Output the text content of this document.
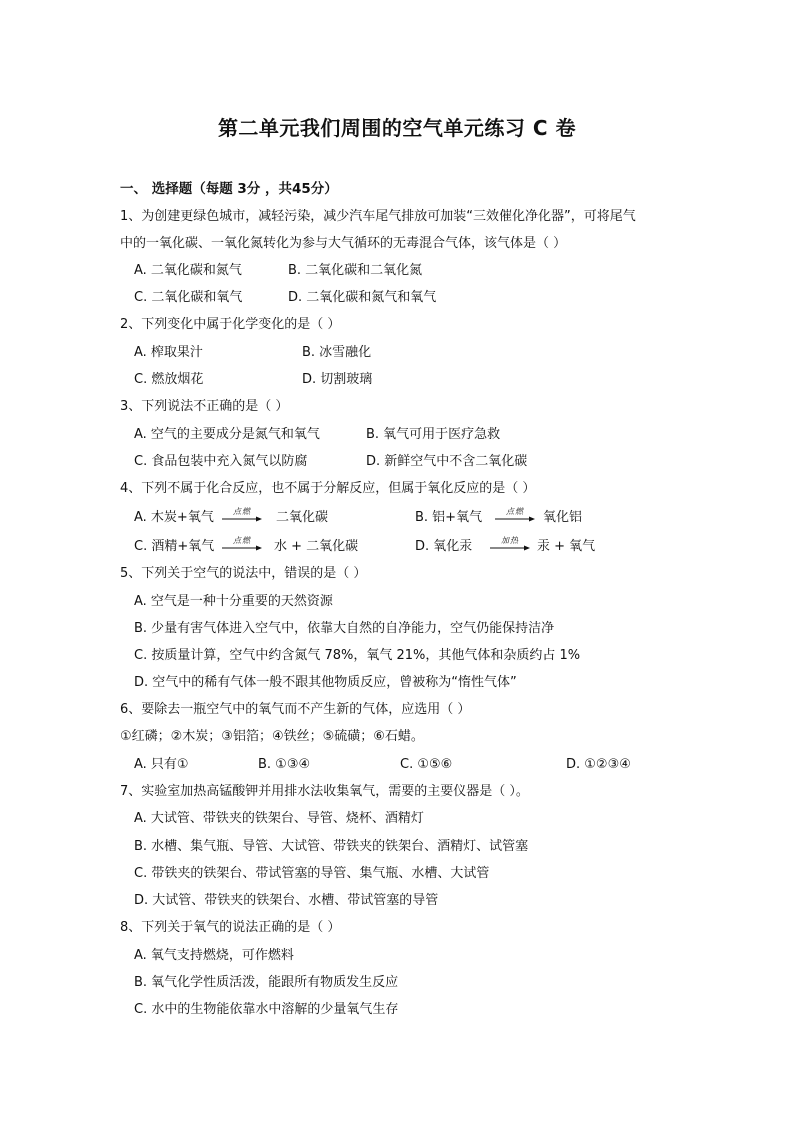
第二单元我们周围的空气单元练习 C 卷
一、 选择题（每题 3分 ，共45分）
1、为创建更绿色城市，减轻污染，减少汽车尾气排放可加装“三效催化净化器”，可将尾气
中的一氧化碳、一氧化氮转化为参与大气循环的无毒混合气体，该气体是（ ）
A. 二氧化碳和氮气	B. 二氧化碳和二氧化氮
C. 二氧化碳和氧气	D. 二氧化碳和氮气和氧气
2、下列变化中属于化学变化的是（ ）
A. 榨取果汁	B. 冰雪融化
C. 燃放烟花	D. 切割玻璃
3、下列说法不正确的是（ ）
A. 空气的主要成分是氮气和氧气	B. 氧气可用于医疗急救
C. 食品包装中充入氮气以防腐	D. 新鲜空气中不含二氧化碳
4、下列不属于化合反应，也不属于分解反应，但属于氧化反应的是（ ）
A. 木炭+氧气	点燃	二氧化碳	B. 铝+氧气	点燃	氧化铝
C. 酒精+氧气	点燃	水 + 二氧化碳	D. 氧化汞	加热	汞 + 氧气
5、下列关于空气的说法中，错误的是（ ）
A. 空气是一种十分重要的天然资源
B. 少量有害气体进入空气中，依靠大自然的自净能力，空气仍能保持洁净
C. 按质量计算，空气中约含氮气 78%，氧气 21%，其他气体和杂质约占 1%
D. 空气中的稀有气体一般不跟其他物质反应，曾被称为“惰性气体”
6、要除去一瓶空气中的氧气而不产生新的气体，应选用（ ）
①红磷；②木炭；③铝箔；④铁丝；⑤硫磺；⑥石蜡。
A. 只有①	B. ①③④	C. ①⑤⑥	D. ①②③④
7、实验室加热高锰酸钾并用排水法收集氧气，需要的主要仪器是（ ）。
A. 大试管、带铁夹的铁架台、导管、烧杯、酒精灯
B. 水槽、集气瓶、导管、大试管、带铁夹的铁架台、酒精灯、试管塞
C. 带铁夹的铁架台、带试管塞的导管、集气瓶、水槽、大试管
D. 大试管、带铁夹的铁架台、水槽、带试管塞的导管
8、下列关于氧气的说法正确的是（ ）
A. 氧气支持燃烧，可作燃料
B. 氧气化学性质活泼，能跟所有物质发生反应
C. 水中的生物能依靠水中溶解的少量氧气生存
